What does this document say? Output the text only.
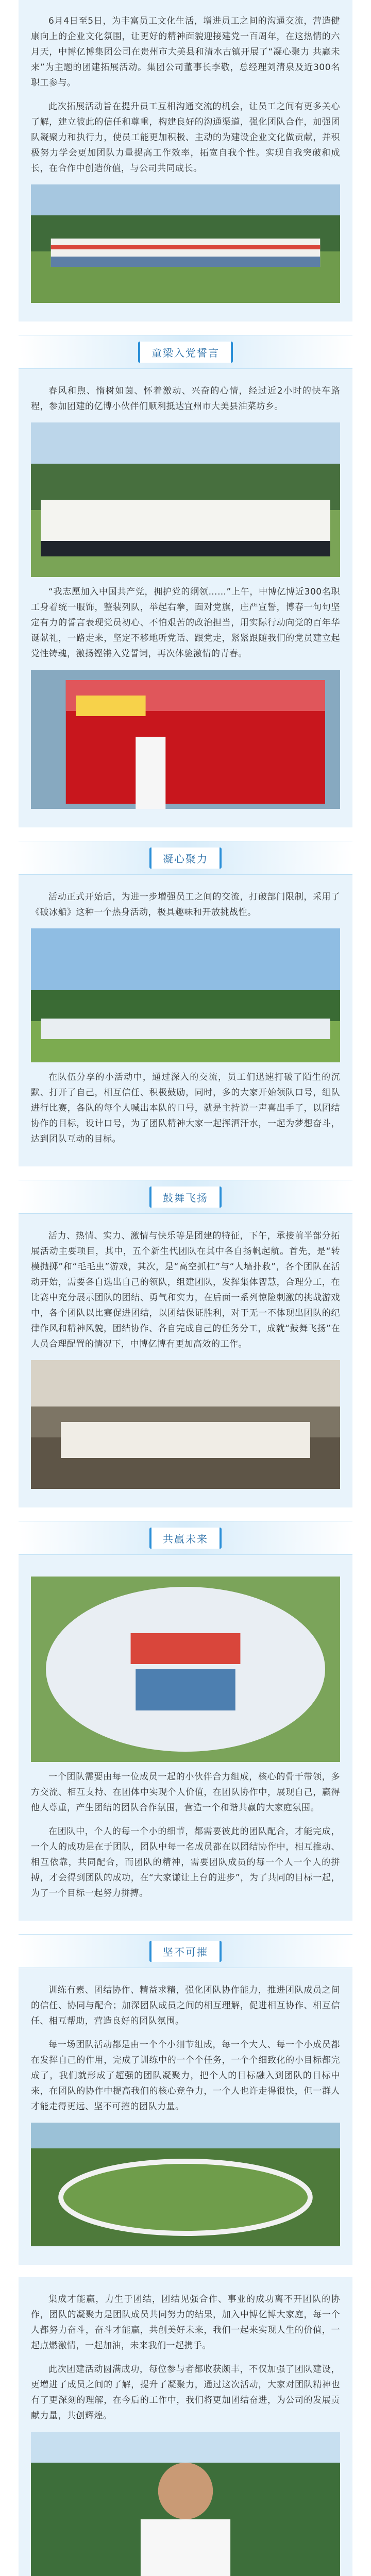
6月4日至5日，为丰富员工文化生活，增进员工之间的沟通交流，营造健康向上的企业文化氛围，让更好的精神面貌迎接建党一百周年，在这热情的六月天，中博亿博集团公司在贵州市大美县和清水古镇开展了“凝心聚力 共赢未来”为主题的团建拓展活动。集团公司董事长李敬，总经理刘清泉及近300名职工参与。

此次拓展活动旨在提升员工互相沟通交流的机会，让员工之间有更多关心了解，建立彼此的信任和尊重，构建良好的沟通渠道，强化团队合作，加强团队凝聚力和执行力，使员工能更加积极、主动的为建设企业文化做贡献，并积极努力学会更加团队力量提高工作效率，拓宽自我个性。实现自我突破和成长，在合作中创造价值，与公司共同成长。

童梁入党誓言

春风和煦、惰树如茵、怀着激动、兴奋的心情，经过近2小时的快车路程，参加团建的亿博小伙伴们顺利抵达宜州市大美县油菜坊乡。

“我志愿加入中国共产党，拥护党的纲领……”上午，中博亿博近300名职工身着统一服饰，整装列队，举起右拳，面对党旗，庄严宣誓，博春一句句坚定有力的誓言表现党员初心、不怕艰苦的政治担当，用实际行动向党的百年华诞献礼，一路走来，坚定不移地听党话、跟党走，紧紧跟随我们的党员建立起党性铸魂，激扬铿锵入党誓词，再次体验激情的青春。

凝心聚力

活动正式开始后，为进一步增强员工之间的交流，打破部门限制，采用了《破冰船》这种一个热身活动，极具趣味和开放挑战性。

在队伍分享的小活动中，通过深入的交流，员工们迅速打破了陌生的沉默、打开了自己，相互信任、积极鼓励，同时，多的大家开始领队口号，组队进行比赛，各队的每个人喊出本队的口号，就是主持说一声喜出手了，以团结协作的目标，设计口号，为了团队精神大家一起挥洒汗水，一起为梦想奋斗，达到团队互动的目标。

鼓舞飞扬

活力、热情、实力、激情与快乐等是团建的特征，下午，承接前半部分拓展活动主要项目，其中，五个新生代团队在其中各自扬帆起航。首先，是“转模抛掷”和“毛毛虫”游戏，其次，是“高空抓杠”与“人墙扑救”，各个团队在活动开始，需要各自选出自己的领队，组建团队，发挥集体智慧，合理分工，在比赛中充分展示团队的团结、勇气和实力，在后面一系列惊险刺激的挑战游戏中，各个团队以比赛促进团结，以团结保证胜利，对于无一不体现出团队的纪律作风和精神风貌，团结协作、各自完成自己的任务分工，成就“鼓舞飞扬”在人员合理配置的情况下，中博亿博有更加高效的工作。

共赢未来

一个团队需要由每一位成员一起的小伙伴合力组成，核心的骨干带领，多方交流、相互支持、在团体中实现个人价值，在团队协作中，展现自己，赢得他人尊重，产生团结的团队合作氛围，营造一个和谐共赢的大家庭氛围。

在团队中，个人的每一个小的细节，都需要彼此的团队配合，才能完成，一个人的成功是在于团队，团队中每一名成员都在以团结协作中，相互推动、相互依靠，共同配合，而团队的精神，需要团队成员的每一个人一个人的拼搏，才会得到团队的成功，在“大家谦让上台的进步”，为了共同的目标一起，为了一个目标一起努力拼搏。

坚不可摧

训练有素、团结协作、精益求精，强化团队协作能力，推进团队成员之间的信任、协同与配合；加深团队成员之间的相互理解，促进相互协作、相互信任、相互帮助，营造良好的团队氛围。

每一场团队活动都是由一个个小细节组成，每一个大人、每一个小成员都在发挥自己的作用，完成了训练中的一个个任务，一个个细致化的小目标都完成了，我们就形成了超强的团队凝聚力，把个人的目标融入到团队的目标中来，在团队的协作中提高我们的核心竞争力，一个人也许走得很快，但一群人才能走得更远、坚不可摧的团队力量。

集成才能赢，力生于团结，团结见强合作、事业的成功离不开团队的协作，团队的凝聚力是团队成员共同努力的结果，加入中博亿博大家庭，每一个人都努力奋斗，奋斗才能赢，共创美好未来，我们一起来实现人生的价值，一起点燃激情，一起加油，未来我们一起携手。

此次团建活动圆满成功，每位参与者都收获颇丰，不仅加强了团队建设，更增进了成员之间的了解，提升了凝聚力，通过这次活动，大家对团队精神也有了更深刻的理解，在今后的工作中，我们将更加团结奋进，为公司的发展贡献力量，共创辉煌。
